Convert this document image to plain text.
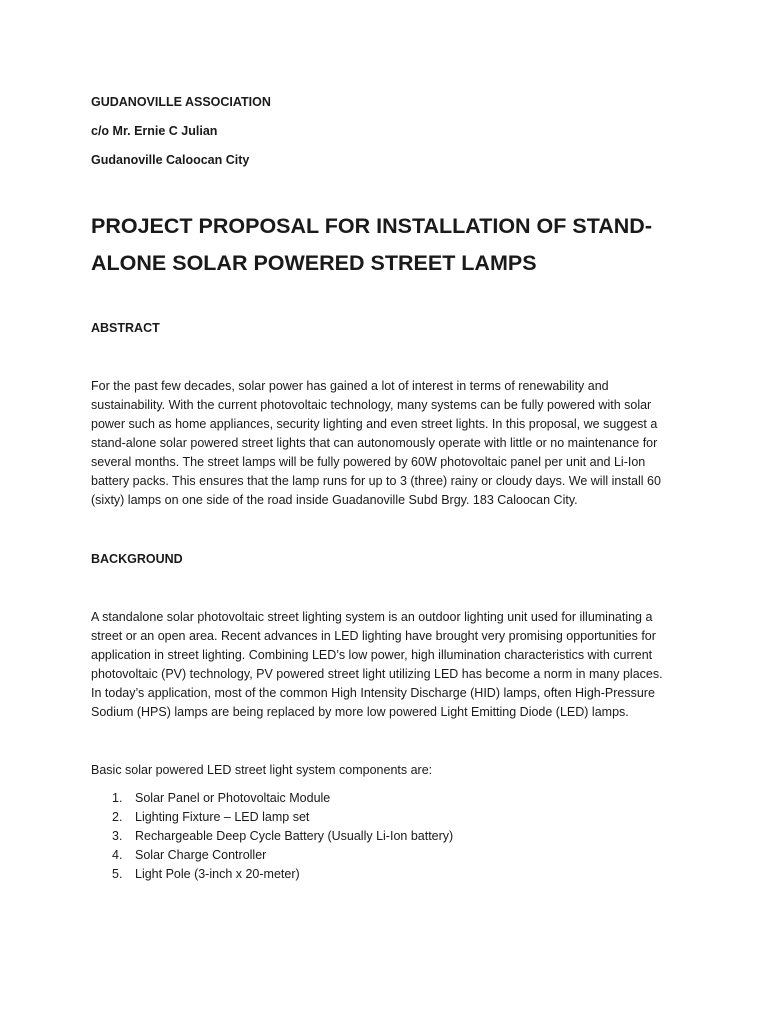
GUDANOVILLE ASSOCIATION
c/o Mr. Ernie C Julian
Gudanoville Caloocan City
PROJECT PROPOSAL FOR INSTALLATION OF STAND-
ALONE SOLAR POWERED STREET LAMPS
ABSTRACT
For the past few decades, solar power has gained a lot of interest in terms of renewability and
sustainability. With the current photovoltaic technology, many systems can be fully powered with solar
power such as home appliances, security lighting and even street lights. In this proposal, we suggest a
stand-alone solar powered street lights that can autonomously operate with little or no maintenance for
several months. The street lamps will be fully powered by 60W photovoltaic panel per unit and Li-Ion
battery packs. This ensures that the lamp runs for up to 3 (three) rainy or cloudy days. We will install 60
(sixty) lamps on one side of the road inside Guadanoville Subd Brgy. 183 Caloocan City.
BACKGROUND
A standalone solar photovoltaic street lighting system is an outdoor lighting unit used for illuminating a
street or an open area. Recent advances in LED lighting have brought very promising opportunities for
application in street lighting. Combining LED’s low power, high illumination characteristics with current
photovoltaic (PV) technology, PV powered street light utilizing LED has become a norm in many places.
In today’s application, most of the common High Intensity Discharge (HID) lamps, often High-Pressure
Sodium (HPS) lamps are being replaced by more low powered Light Emitting Diode (LED) lamps.
Basic solar powered LED street light system components are:
1. Solar Panel or Photovoltaic Module
2. Lighting Fixture – LED lamp set
3. Rechargeable Deep Cycle Battery (Usually Li-Ion battery)
4. Solar Charge Controller
5. Light Pole (3-inch x 20-meter)
